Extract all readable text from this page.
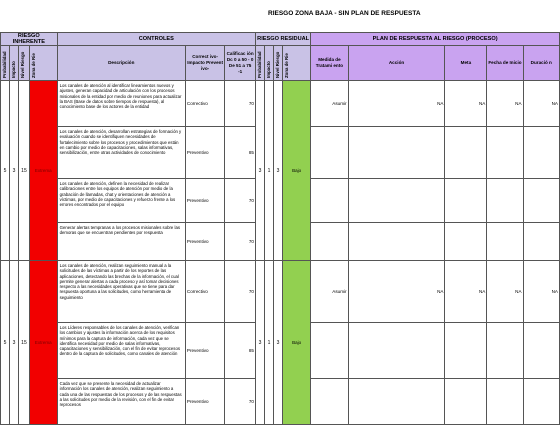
RIESGO ZONA BAJA - SIN PLAN DE RESPUESTA
RIESGO INHERENTE				CONTROLES			RIESGO RESIDUAL				PLAN DE RESPUESTA AL RIESGO (PROCESO)				

Probabilidad	Impacto	Nivel Riesgo	Zona de Rie	Descripción	Correct ivo- Impacto Prevent ivo-	Calificac ión Dc 0 a 50 - 0 De 51 a 75 -1	Probabilidad	Impacto	Nivel Riesgo	Zona de Rie	Medida de Tratami ento	Acción	Meta	Fecha de Inicio	Duració n
5	3	15	Extrema	Los canales de atención al identificar lineamientos nuevos y ajustes, generan capacidad de articulación con los procesos misionales de la entidad por medio de reuniones para actualizar la BAS (Base de datos sobre tiempos de respuesta), al conocimiento base de los actores de la entidad	Correctivo	70	3	1	3	Bajo	Asumir	NA	NA	NA	NA
				Los canales de atención, desarrollan estrategias de formación y evaluación cuando se identifiquen necesidades de fortalecimiento sobre los procesos y procedimientos que están en cambio por medio de capacitaciones, salas informativas, sensibilización, entre otras actividades de conocimiento	Preventivo	85									
				Los canales de atención, definen la necesidad de realizar calibraciones entre los equipos de atención por medio de la grabación de llamadas, chat y orientaciones de atención a víctimas, por medio de capacitaciones y refuerzo frente a los errores encontrados por el equipo	Preventivo	70									
				Generar alertas tempranas a los procesos misionales sobre las demoras que se encuentran pendientes por respuesta	Preventivo	70									
5	3	15	Extrema	Los canales de atención, realizan seguimiento manual a la solicitudes de las víctimas a partir de los reportes de las aplicaciones, detectando las brechas de la información, el cual permite generar alertas a cada proceso y así tomar decisiones respecto a las necesidades operativas que se tiene para dar respuesta oportuna a las solicitudes, como herramienta de seguimiento	Correctivo	70	3	1	3	Bajo	Asumir	NA	NA	NA	NA
				Los Líderes responsables de los canales de atención, verifican los cambios y ajustes la información acerca de los requisitos mínimos para la captura de información, cada vez que se identifica necesidad por medio de salas informativas, capacitaciones y sensibilización, con el fin de evitar reprocesos dentro de la captura de solicitudes, como canales de atención	Preventivo	85									
				Cada vez que se presente la necesidad de actualizar información los canales de atención, realizan seguimiento a cada una de las respuestas de los procesos y de las respuestas a las solicitudes por medio de la revisión, con el fin de evitar reprocesos	Preventivo	70									
